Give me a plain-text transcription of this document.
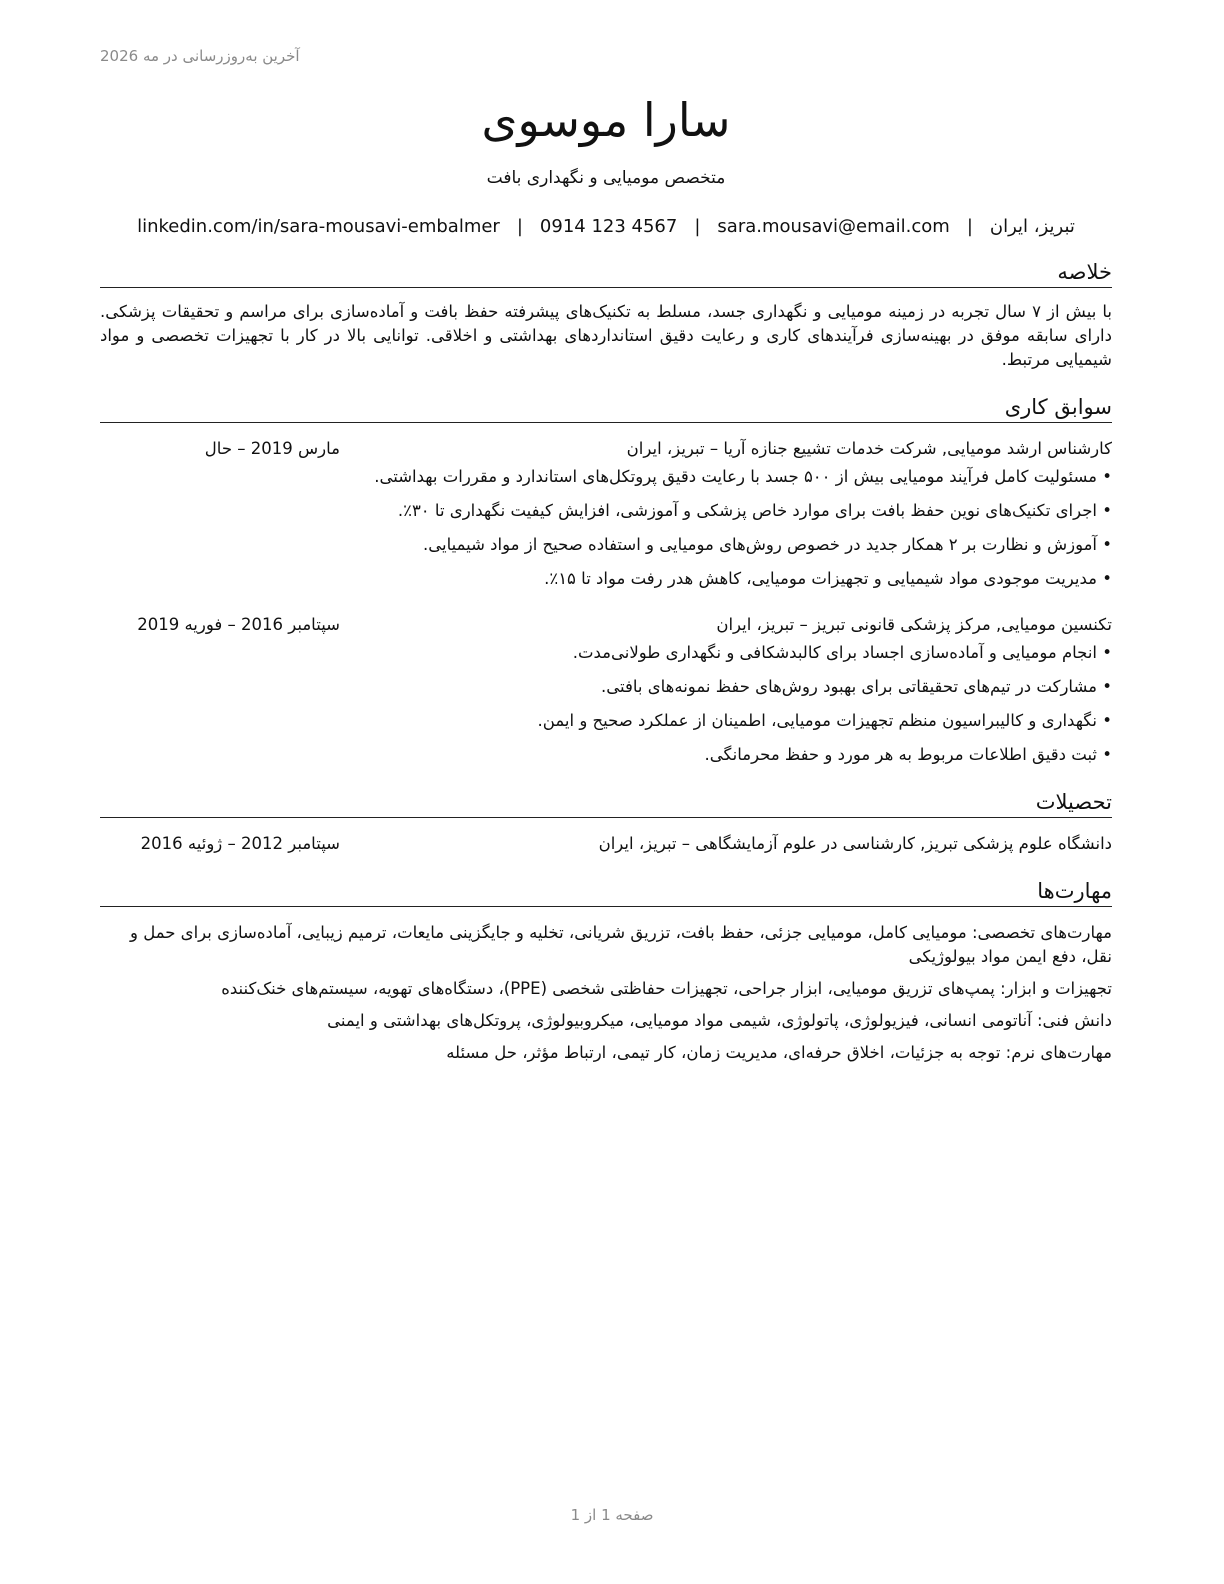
آخرین به‌روزرسانی در مه 2026
سارا موسوی
متخصص مومیایی و نگهداری بافت
تبریز، ایران
|
sara.mousavi@email.com
|
0914 123 4567
|
linkedin.com/in/sara-mousavi-embalmer
خلاصه
با بیش از ۷ سال تجربه در زمینه مومیایی و نگهداری جسد، مسلط به تکنیک‌های پیشرفته حفظ بافت و آماده‌سازی برای مراسم و تحقیقات پزشکی. دارای سابقه موفق در بهینه‌سازی فرآیندهای کاری و رعایت دقیق استانداردهای بهداشتی و اخلاقی. توانایی بالا در کار با تجهیزات تخصصی و مواد شیمیایی مرتبط.
سوابق کاری
کارشناس ارشد مومیایی, شرکت خدمات تشییع جنازه آریا – تبریز، ایران
مارس 2019 – حال
• مسئولیت کامل فرآیند مومیایی بیش از ۵۰۰ جسد با رعایت دقیق پروتکل‌های استاندارد و مقررات بهداشتی.
• اجرای تکنیک‌های نوین حفظ بافت برای موارد خاص پزشکی و آموزشی، افزایش کیفیت نگهداری تا ۳۰٪.
• آموزش و نظارت بر ۲ همکار جدید در خصوص روش‌های مومیایی و استفاده صحیح از مواد شیمیایی.
• مدیریت موجودی مواد شیمیایی و تجهیزات مومیایی، کاهش هدر رفت مواد تا ۱۵٪.
تکنسین مومیایی, مرکز پزشکی قانونی تبریز – تبریز، ایران
سپتامبر 2016 – فوریه 2019
• انجام مومیایی و آماده‌سازی اجساد برای کالبدشکافی و نگهداری طولانی‌مدت.
• مشارکت در تیم‌های تحقیقاتی برای بهبود روش‌های حفظ نمونه‌های بافتی.
• نگهداری و کالیبراسیون منظم تجهیزات مومیایی، اطمینان از عملکرد صحیح و ایمن.
• ثبت دقیق اطلاعات مربوط به هر مورد و حفظ محرمانگی.
تحصیلات
دانشگاه علوم پزشکی تبریز, کارشناسی در علوم آزمایشگاهی – تبریز، ایران
سپتامبر 2012 – ژوئیه 2016
مهارت‌ها

مهارت‌های تخصصی: مومیایی کامل، مومیایی جزئی، حفظ بافت، تزریق شریانی، تخلیه و جایگزینی مایعات، ترمیم زیبایی، آماده‌سازی برای حمل و نقل، دفع ایمن مواد بیولوژیکی

تجهیزات و ابزار: پمپ‌های تزریق مومیایی، ابزار جراحی، تجهیزات حفاظتی شخصی (PPE)، دستگاه‌های تهویه، سیستم‌های خنک‌کننده

دانش فنی: آناتومی انسانی، فیزیولوژی، پاتولوژی، شیمی مواد مومیایی، میکروبیولوژی، پروتکل‌های بهداشتی و ایمنی

مهارت‌های نرم: توجه به جزئیات، اخلاق حرفه‌ای، مدیریت زمان، کار تیمی، ارتباط مؤثر، حل مسئله

صفحه 1 از 1
